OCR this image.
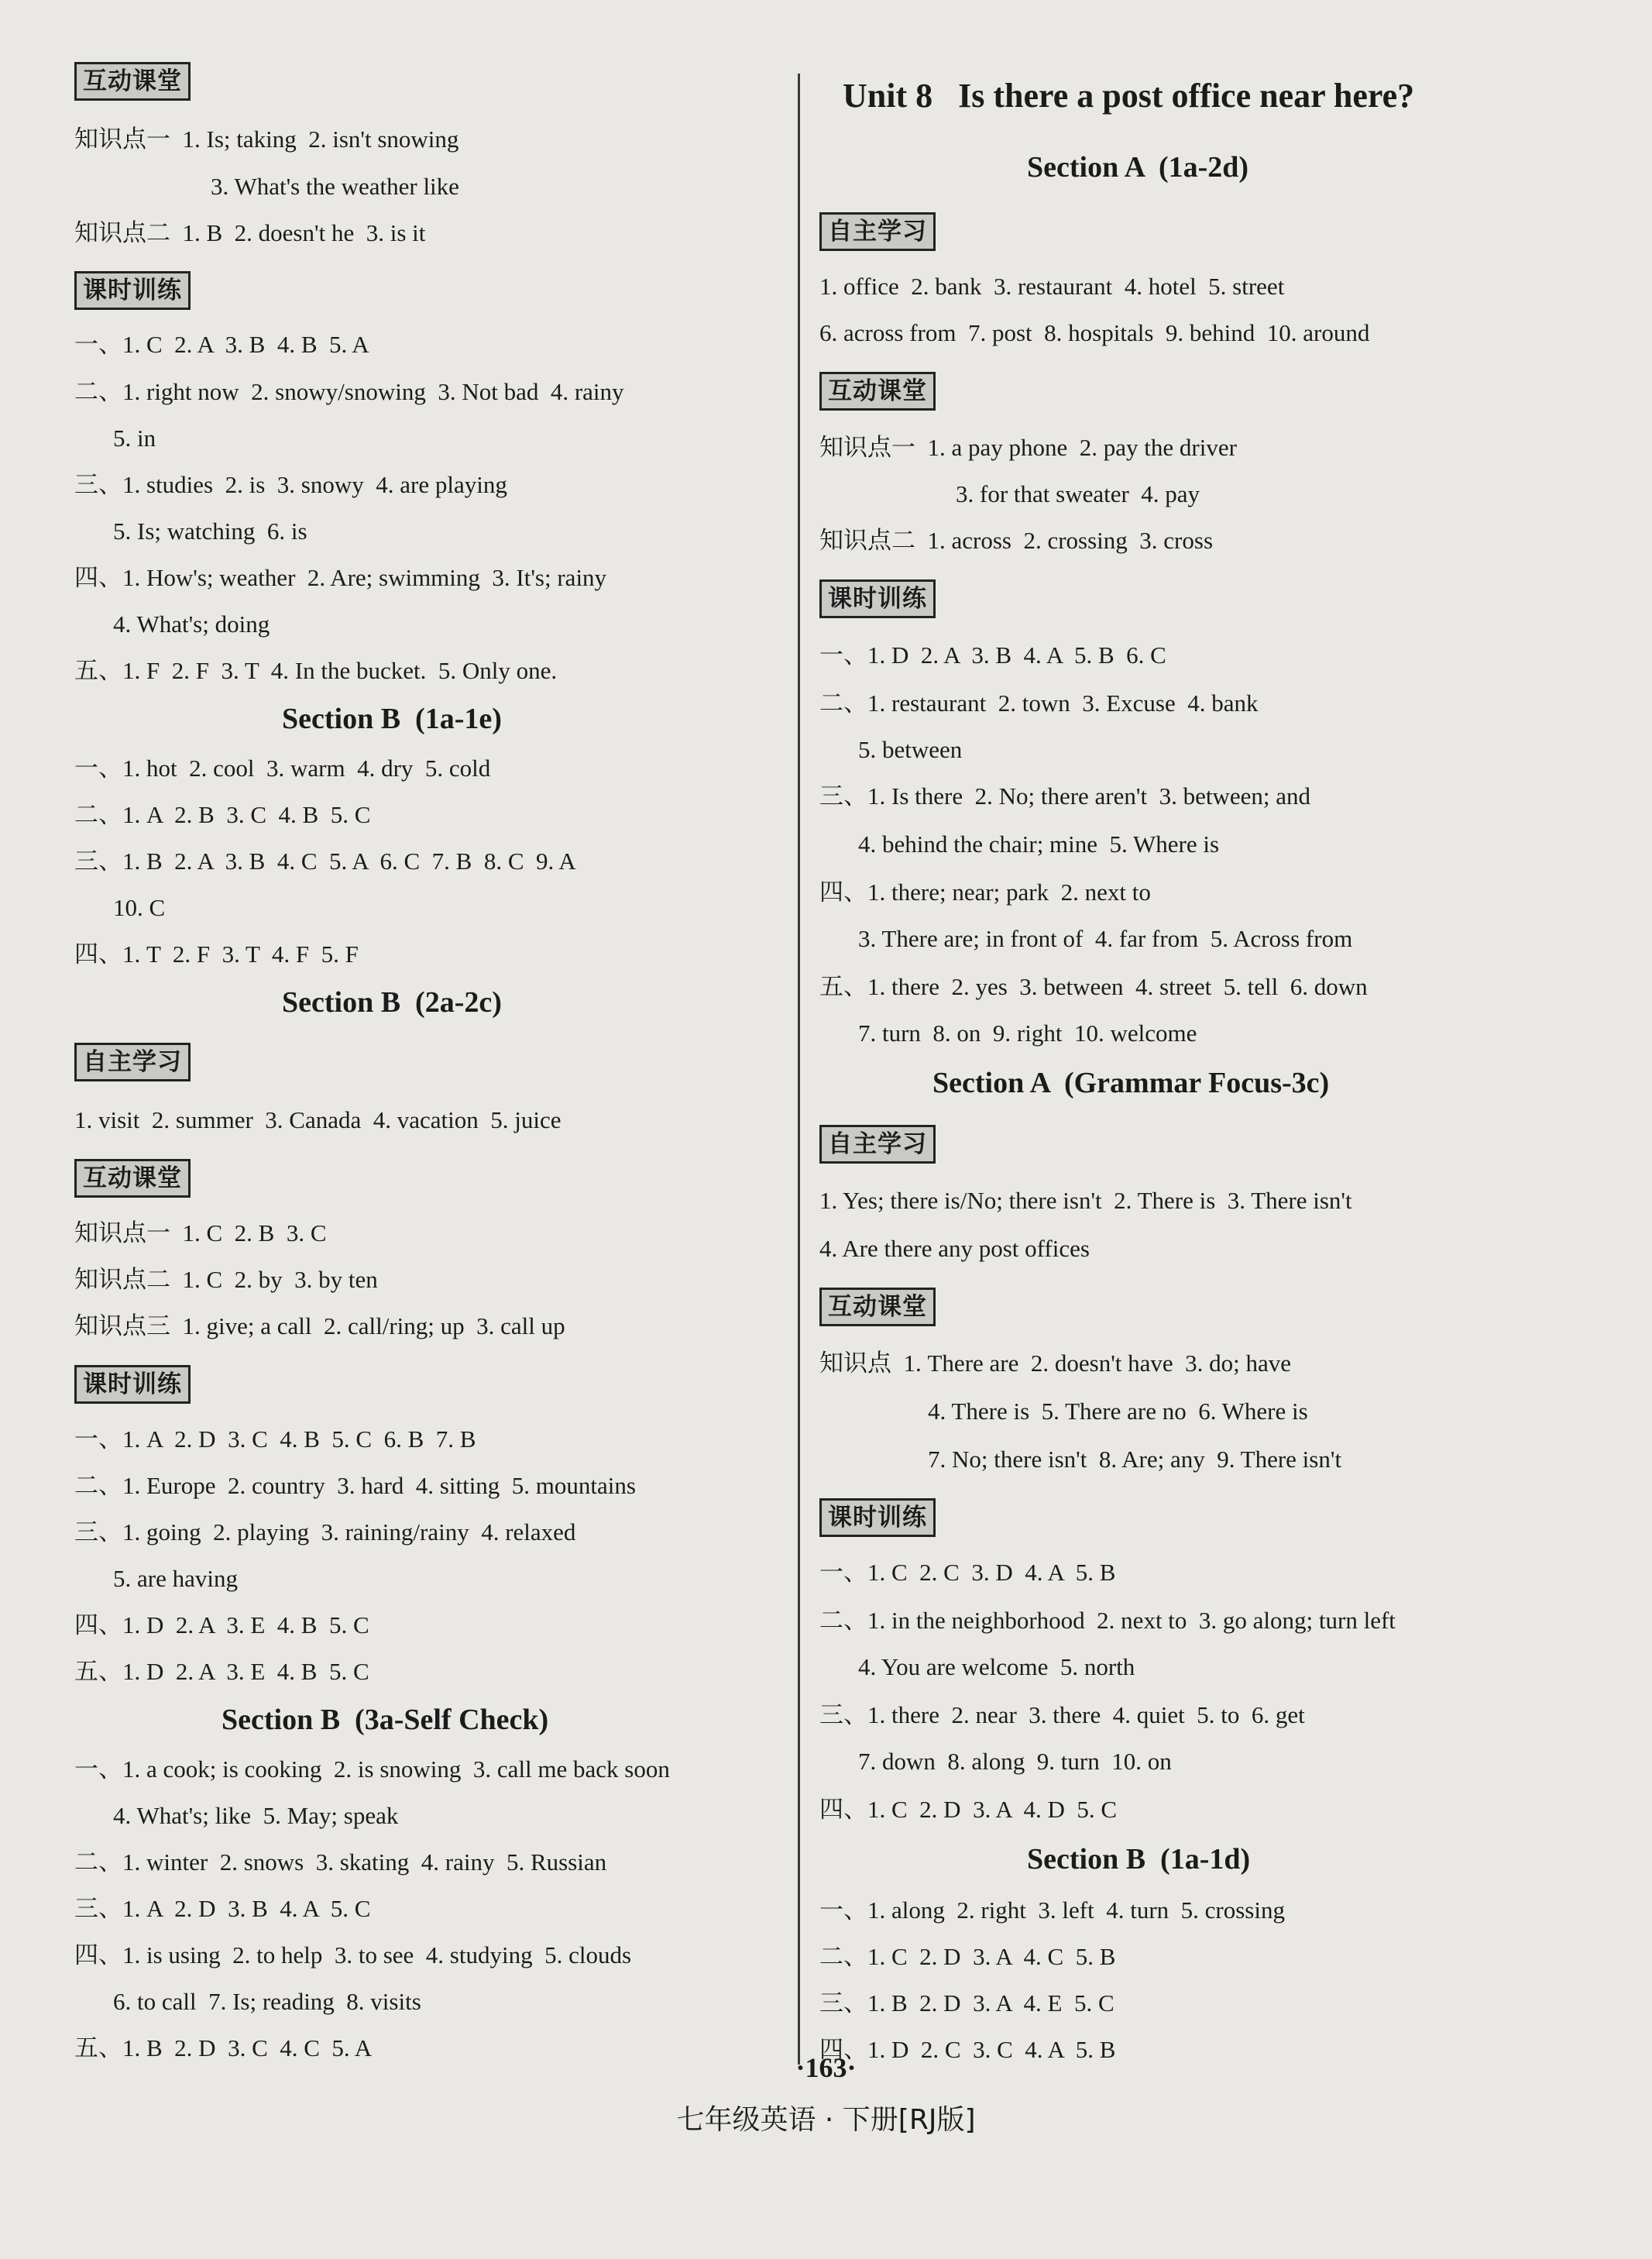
互动课堂
知识点一  1. Is; taking  2. isn't snowing
3. What's the weather like
知识点二  1. B  2. doesn't he  3. is it
课时训练
一、1. C  2. A  3. B  4. B  5. A
二、1. right now  2. snowy/snowing  3. Not bad  4. rainy
5. in
三、1. studies  2. is  3. snowy  4. are playing
5. Is; watching  6. is
四、1. How's; weather  2. Are; swimming  3. It's; rainy
4. What's; doing
五、1. F  2. F  3. T  4. In the bucket.  5. Only one.
Section B  (1a-1e)
一、1. hot  2. cool  3. warm  4. dry  5. cold
二、1. A  2. B  3. C  4. B  5. C
三、1. B  2. A  3. B  4. C  5. A  6. C  7. B  8. C  9. A
10. C
四、1. T  2. F  3. T  4. F  5. F
Section B  (2a-2c)
自主学习
1. visit  2. summer  3. Canada  4. vacation  5. juice
互动课堂
知识点一  1. C  2. B  3. C
知识点二  1. C  2. by  3. by ten
知识点三  1. give; a call  2. call/ring; up  3. call up
课时训练
一、1. A  2. D  3. C  4. B  5. C  6. B  7. B
二、1. Europe  2. country  3. hard  4. sitting  5. mountains
三、1. going  2. playing  3. raining/rainy  4. relaxed
5. are having
四、1. D  2. A  3. E  4. B  5. C
五、1. D  2. A  3. E  4. B  5. C
Section B  (3a-Self Check)
一、1. a cook; is cooking  2. is snowing  3. call me back soon
4. What's; like  5. May; speak
二、1. winter  2. snows  3. skating  4. rainy  5. Russian
三、1. A  2. D  3. B  4. A  5. C
四、1. is using  2. to help  3. to see  4. studying  5. clouds
6. to call  7. Is; reading  8. visits
五、1. B  2. D  3. C  4. C  5. A
Unit 8   Is there a post office near here?
Section A  (1a-2d)
自主学习
1. office  2. bank  3. restaurant  4. hotel  5. street
6. across from  7. post  8. hospitals  9. behind  10. around
互动课堂
知识点一  1. a pay phone  2. pay the driver
3. for that sweater  4. pay
知识点二  1. across  2. crossing  3. cross
课时训练
一、1. D  2. A  3. B  4. A  5. B  6. C
二、1. restaurant  2. town  3. Excuse  4. bank
5. between
三、1. Is there  2. No; there aren't  3. between; and
4. behind the chair; mine  5. Where is
四、1. there; near; park  2. next to
3. There are; in front of  4. far from  5. Across from
五、1. there  2. yes  3. between  4. street  5. tell  6. down
7. turn  8. on  9. right  10. welcome
Section A  (Grammar Focus-3c)
自主学习
1. Yes; there is/No; there isn't  2. There is  3. There isn't
4. Are there any post offices
互动课堂
知识点  1. There are  2. doesn't have  3. do; have
4. There is  5. There are no  6. Where is
7. No; there isn't  8. Are; any  9. There isn't
课时训练
一、1. C  2. C  3. D  4. A  5. B
二、1. in the neighborhood  2. next to  3. go along; turn left
4. You are welcome  5. north
三、1. there  2. near  3. there  4. quiet  5. to  6. get
7. down  8. along  9. turn  10. on
四、1. C  2. D  3. A  4. D  5. C
Section B  (1a-1d)
一、1. along  2. right  3. left  4. turn  5. crossing
二、1. C  2. D  3. A  4. C  5. B
三、1. B  2. D  3. A  4. E  5. C
四、1. D  2. C  3. C  4. A  5. B
·163·
七年级英语 · 下册[RJ版]
